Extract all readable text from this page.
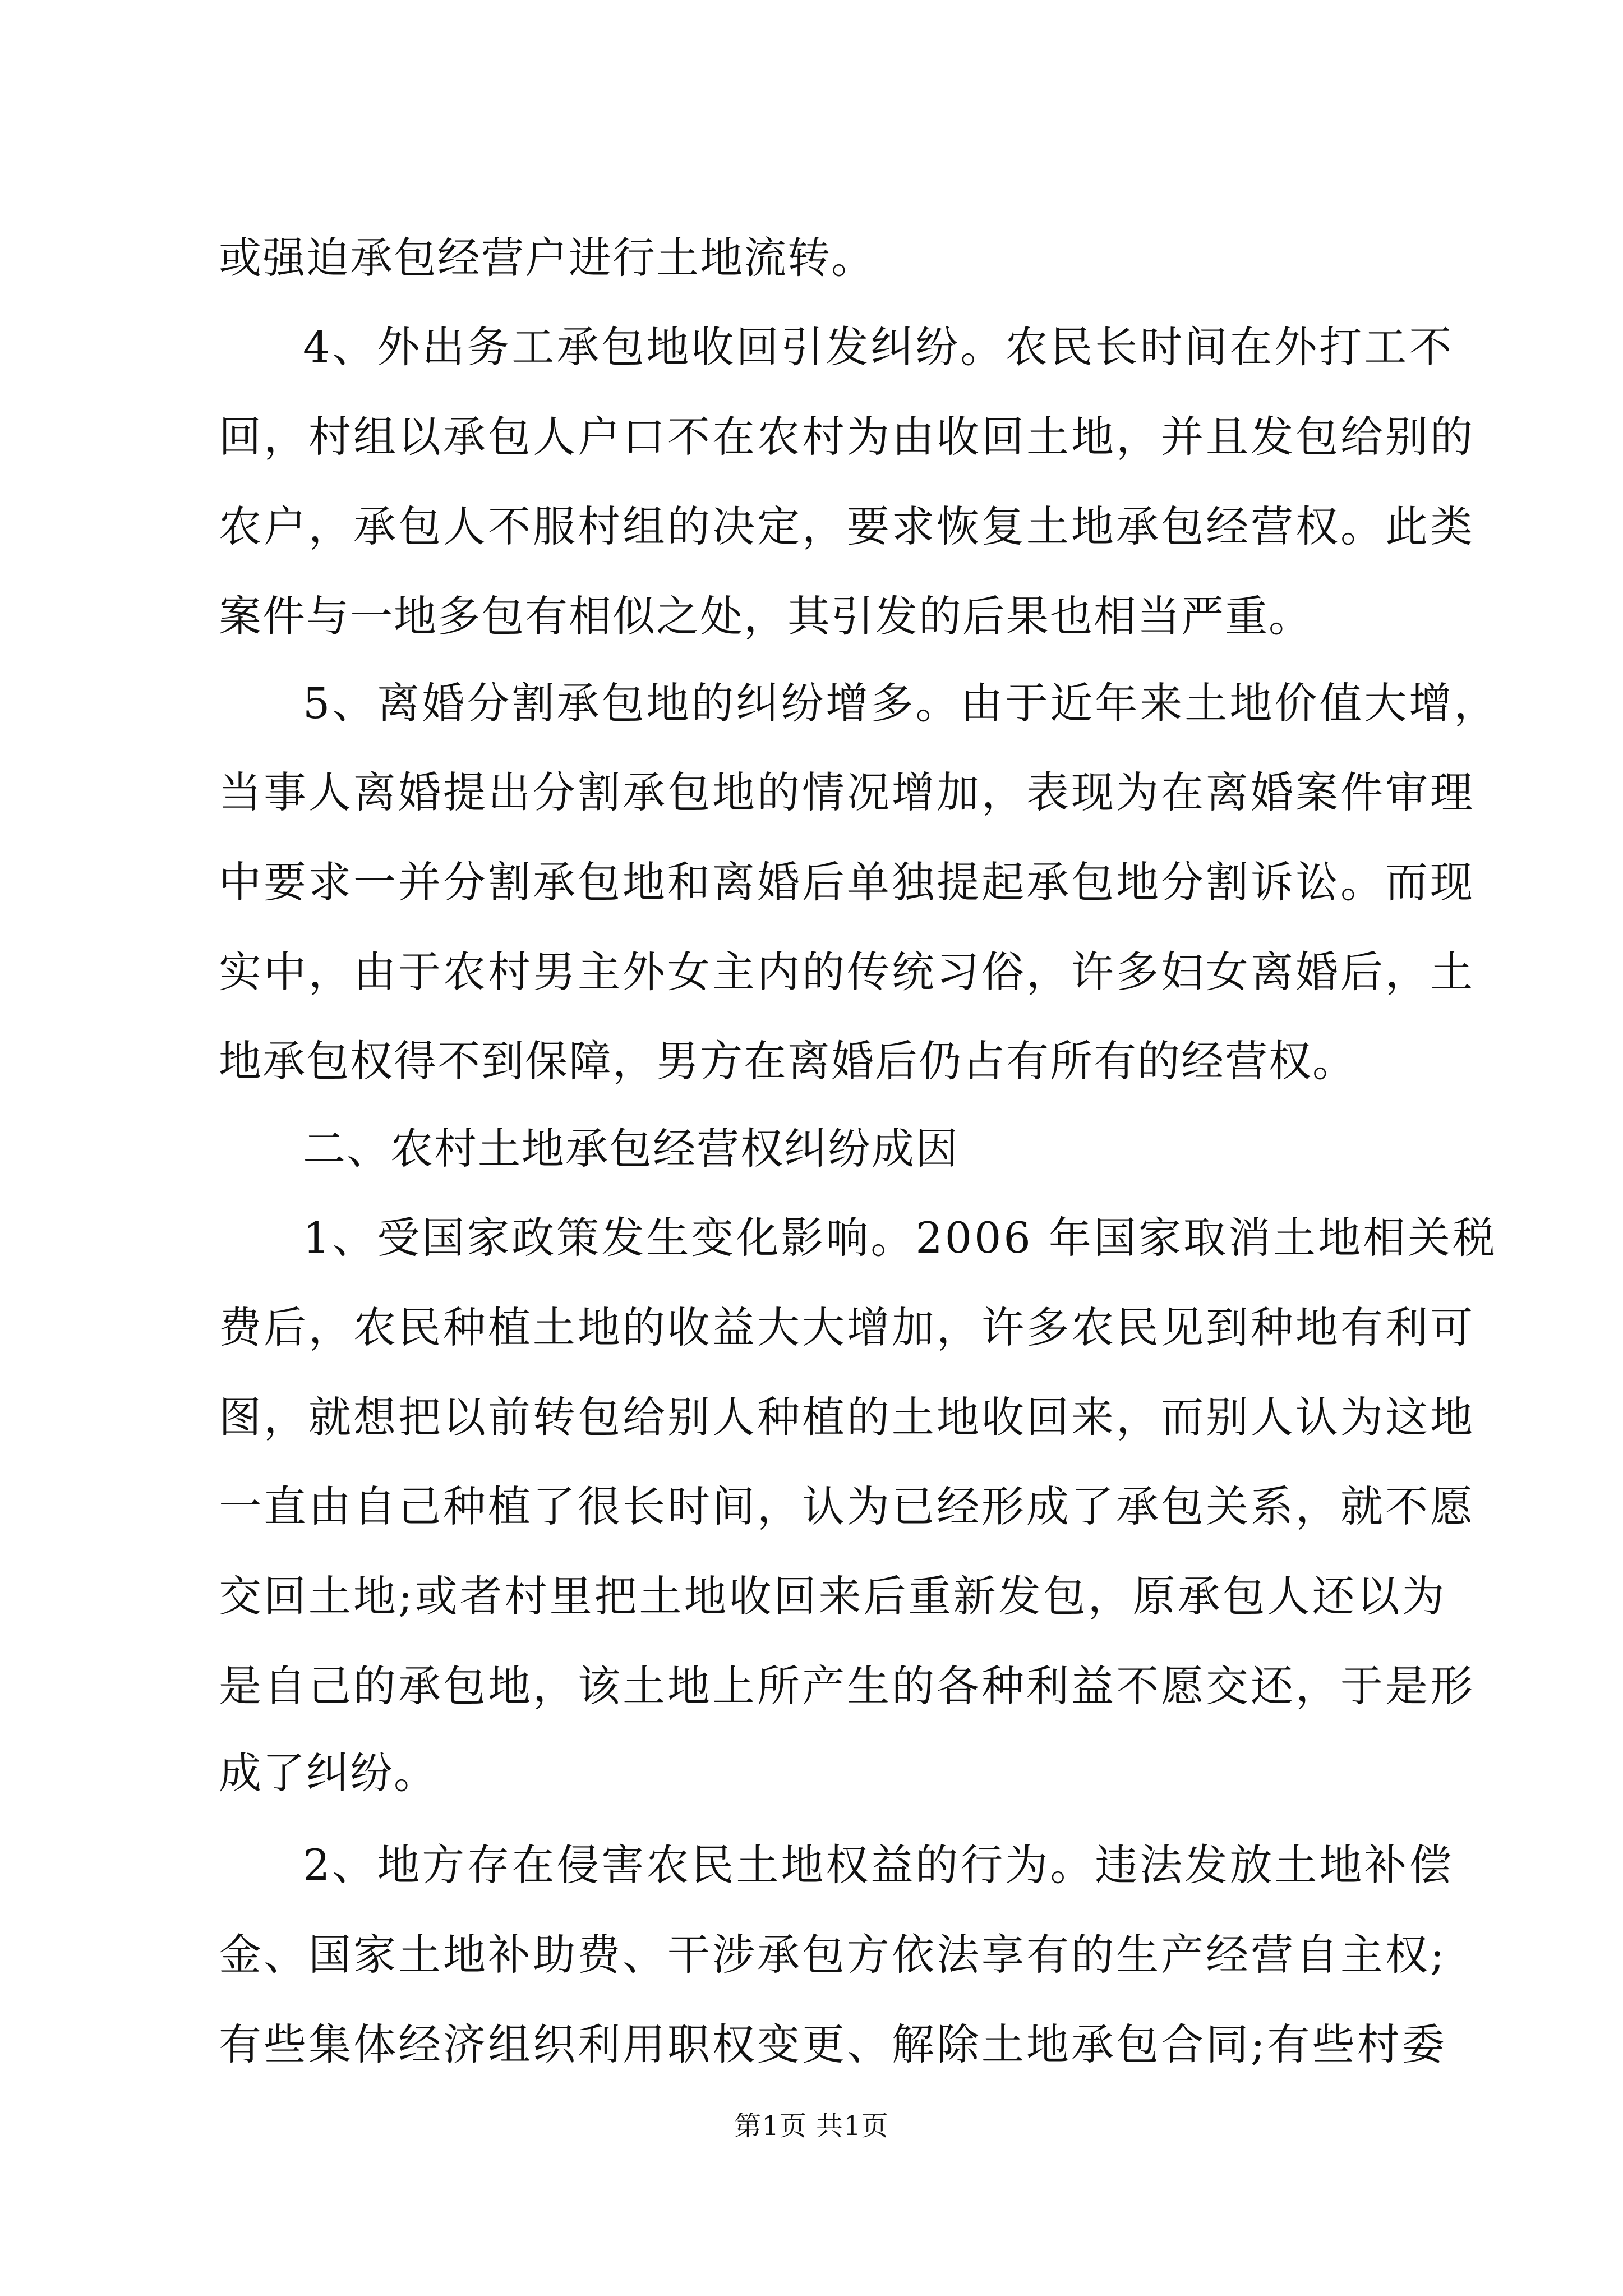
或强迫承包经营户进行土地流转。
4、外出务工承包地收回引发纠纷。农民长时间在外打工不
回，村组以承包人户口不在农村为由收回土地，并且发包给别的
农户，承包人不服村组的决定，要求恢复土地承包经营权。此类
案件与一地多包有相似之处，其引发的后果也相当严重。
5、离婚分割承包地的纠纷增多。由于近年来土地价值大增，
当事人离婚提出分割承包地的情况增加，表现为在离婚案件审理
中要求一并分割承包地和离婚后单独提起承包地分割诉讼。而现
实中，由于农村男主外女主内的传统习俗，许多妇女离婚后，土
地承包权得不到保障，男方在离婚后仍占有所有的经营权。
二、农村土地承包经营权纠纷成因
1、受国家政策发生变化影响。2006 年国家取消土地相关税
费后，农民种植土地的收益大大增加，许多农民见到种地有利可
图，就想把以前转包给别人种植的土地收回来，而别人认为这地
一直由自己种植了很长时间，认为已经形成了承包关系，就不愿
交回土地;或者村里把土地收回来后重新发包，原承包人还以为
是自己的承包地，该土地上所产生的各种利益不愿交还，于是形
成了纠纷。
2、地方存在侵害农民土地权益的行为。违法发放土地补偿
金、国家土地补助费、干涉承包方依法享有的生产经营自主权;
有些集体经济组织利用职权变更、解除土地承包合同;有些村委
第1页 共1页
